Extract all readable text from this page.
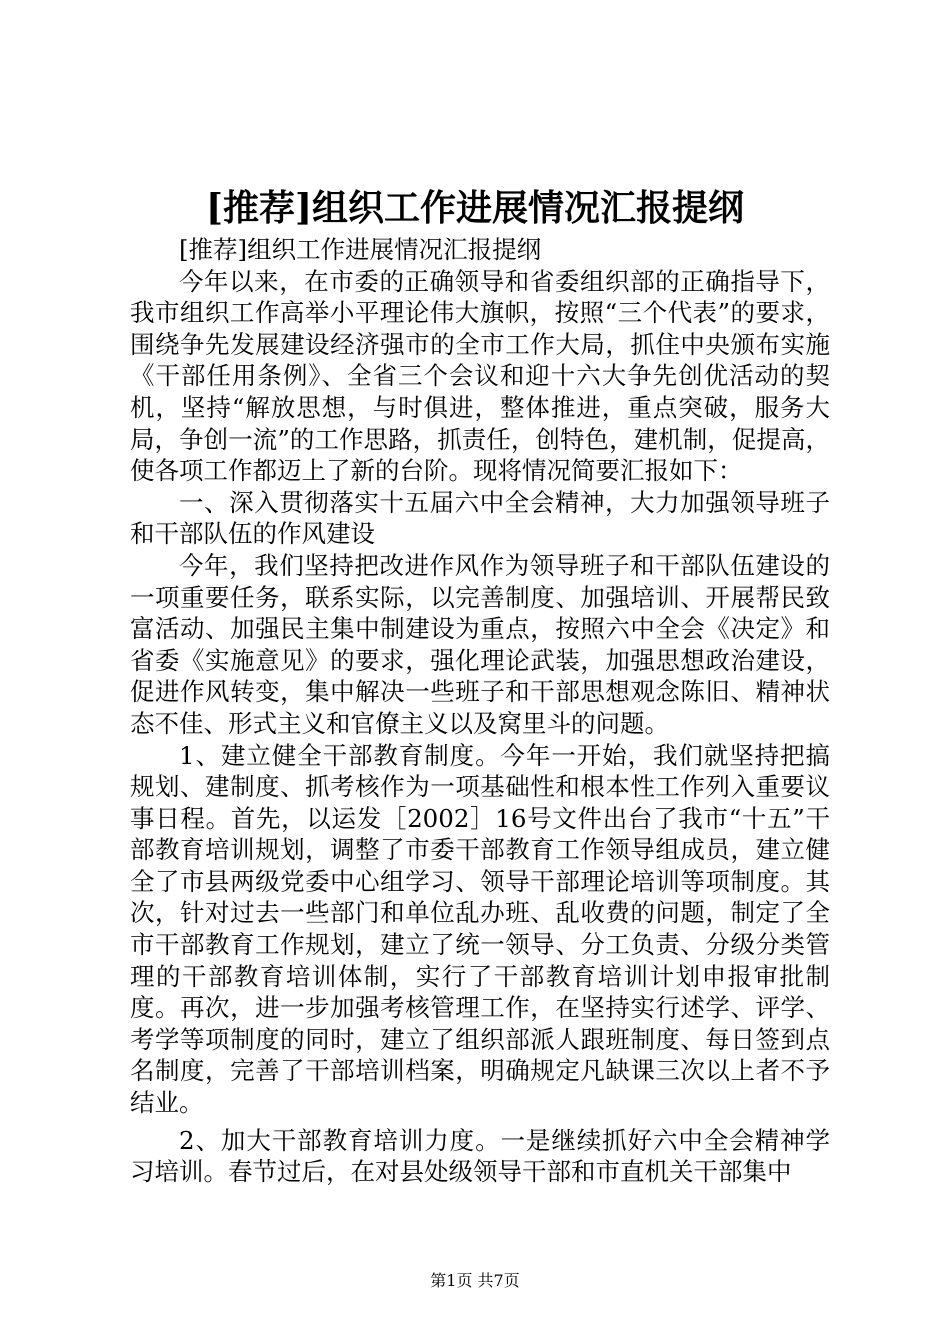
[推荐]组织工作进展情况汇报提纲

[推荐]组织工作进展情况汇报提纲

今年以来，在市委的正确领导和省委组织部的正确指导下，我市组织工作高举小平理论伟大旗帜，按照“三个代表”的要求，围绕争先发展建设经济强市的全市工作大局，抓住中央颁布实施《干部任用条例》、全省三个会议和迎十六大争先创优活动的契机，坚持“解放思想，与时俱进，整体推进，重点突破，服务大局，争创一流”的工作思路，抓责任，创特色，建机制，促提高，使各项工作都迈上了新的台阶。现将情况简要汇报如下：

一、深入贯彻落实十五届六中全会精神，大力加强领导班子和干部队伍的作风建设

今年，我们坚持把改进作风作为领导班子和干部队伍建设的一项重要任务，联系实际，以完善制度、加强培训、开展帮民致富活动、加强民主集中制建设为重点，按照六中全会《决定》和省委《实施意见》的要求，强化理论武装，加强思想政治建设，促进作风转变，集中解决一些班子和干部思想观念陈旧、精神状态不佳、形式主义和官僚主义以及窝里斗的问题。

1、建立健全干部教育制度。今年一开始，我们就坚持把搞规划、建制度、抓考核作为一项基础性和根本性工作列入重要议事日程。首先，以运发［2002］16号文件出台了我市“十五”干部教育培训规划，调整了市委干部教育工作领导组成员，建立健全了市县两级党委中心组学习、领导干部理论培训等项制度。其次，针对过去一些部门和单位乱办班、乱收费的问题，制定了全市干部教育工作规划，建立了统一领导、分工负责、分级分类管理的干部教育培训体制，实行了干部教育培训计划申报审批制度。再次，进一步加强考核管理工作，在坚持实行述学、评学、考学等项制度的同时，建立了组织部派人跟班制度、每日签到点名制度，完善了干部培训档案，明确规定凡缺课三次以上者不予结业。

2、加大干部教育培训力度。一是继续抓好六中全会精神学习培训。春节过后，在对县处级领导干部和市直机关干部集中

第1页 共7页
